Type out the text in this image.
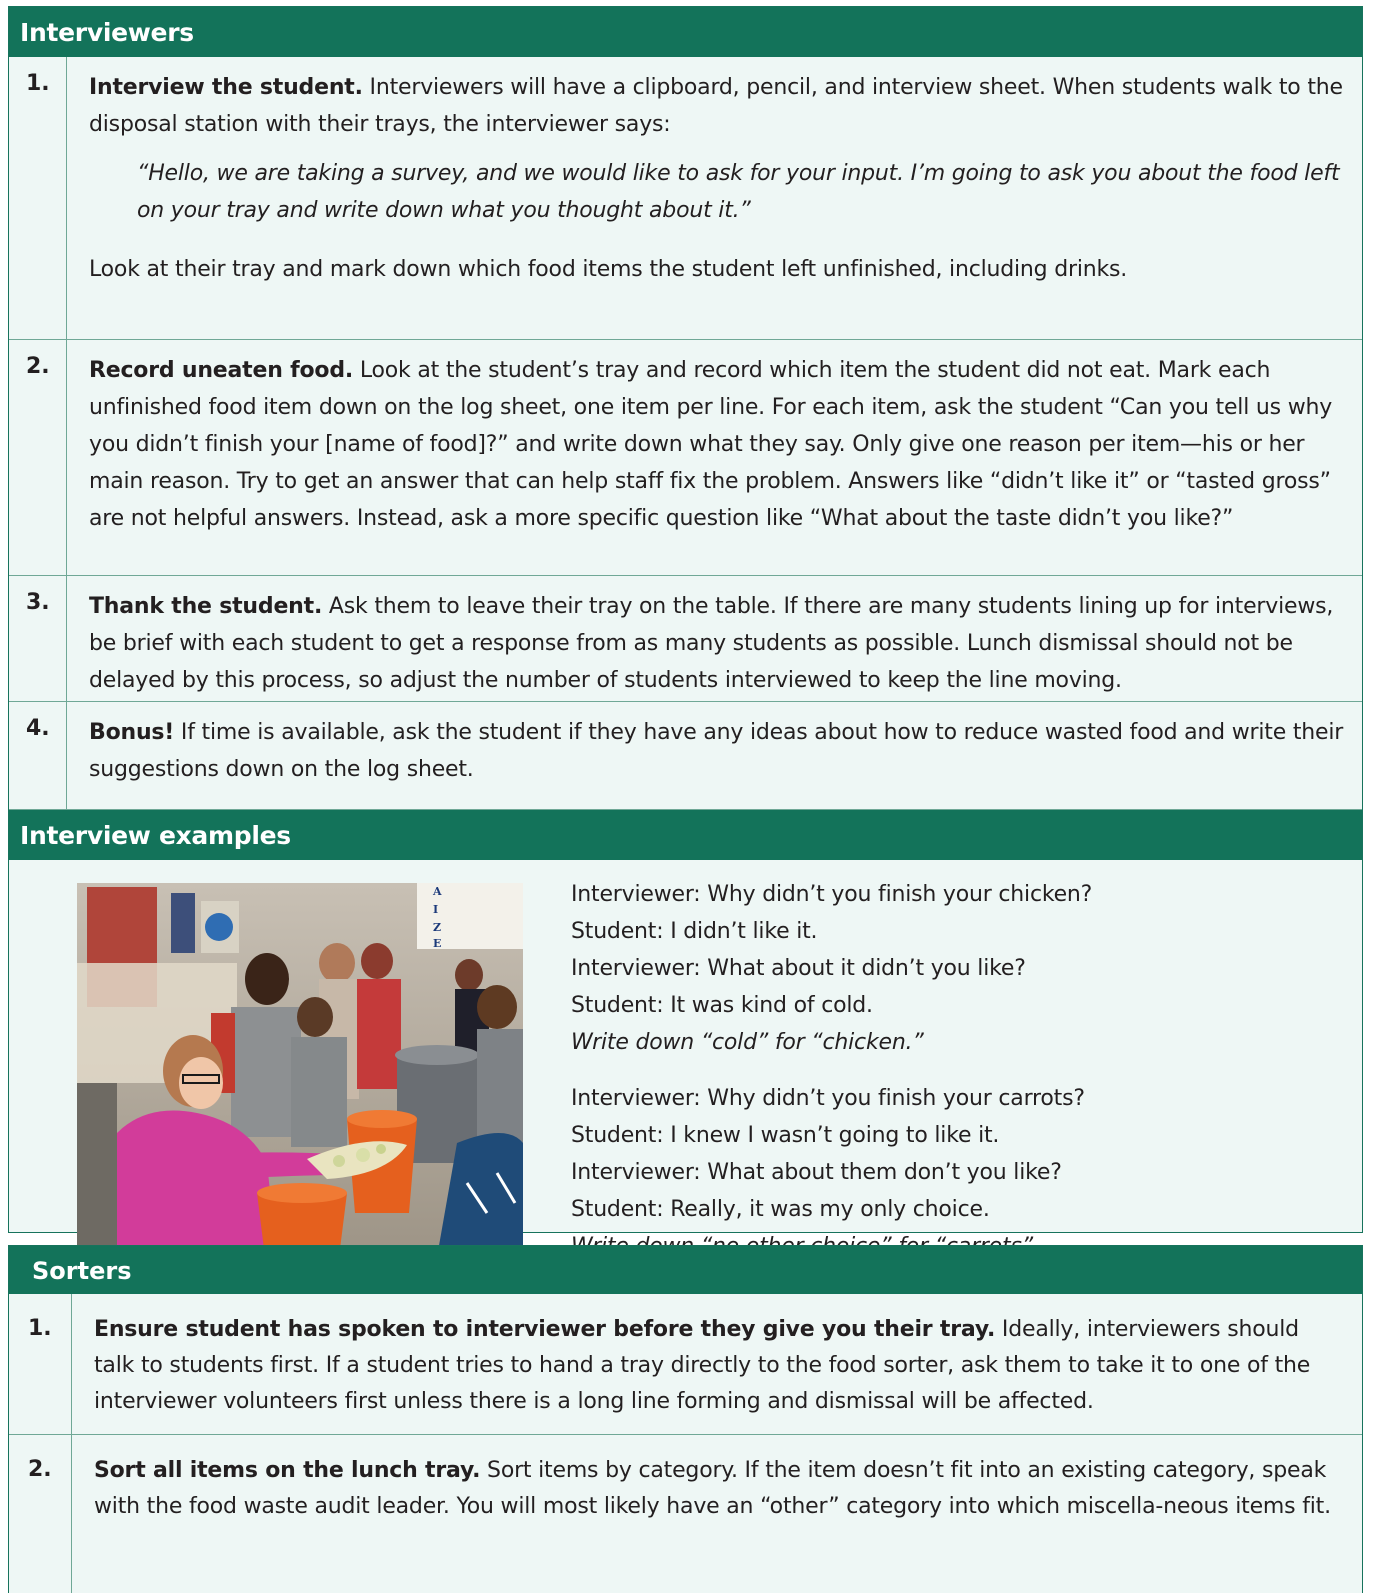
Interviewers
1.	Interview the student. Interviewers will have a clipboard, pencil, and interview sheet. When students walk to the disposal station with their trays, the interviewer says:
“Hello, we are taking a survey, and we would like to ask for your input. I’m going to ask you about the food left on your tray and write down what you thought about it.”
Look at their tray and mark down which food items the student left unfinished, including drinks.
2.	Record uneaten food. Look at the student’s tray and record which item the student did not eat. Mark each unfinished food item down on the log sheet, one item per line. For each item, ask the student “Can you tell us why you didn’t finish your [name of food]?” and write down what they say. Only give one reason per item—his or her main reason. Try to get an answer that can help staff fix the problem. Answers like “didn’t like it” or “tasted gross” are not helpful answers. Instead, ask a more specific question like “What about the taste didn’t you like?”
3.	Thank the student. Ask them to leave their tray on the table. If there are many students lining up for interviews, be brief with each student to get a response from as many students as possible. Lunch dismissal should not be delayed by this process, so adjust the number of students interviewed to keep the line moving.
4.	Bonus! If time is available, ask the student if they have any ideas about how to reduce wasted food and write their suggestions down on the log sheet.
Interview examples
A
I
Z
E
Interviewer: Why didn’t you finish your chicken?
Student: I didn’t like it.
Interviewer: What about it didn’t you like?
Student: It was kind of cold.
Write down “cold” for “chicken.”
Interviewer: Why didn’t you finish your carrots?
Student: I knew I wasn’t going to like it.
Interviewer: What about them don’t you like?
Student: Really, it was my only choice.
Sorters
1.	Ensure student has spoken to interviewer before they give you their tray. Ideally, interviewers should talk to students first. If a student tries to hand a tray directly to the food sorter, ask them to take it to one of the interviewer volunteers first unless there is a long line forming and dismissal will be affected.
2.	Sort all items on the lunch tray. Sort items by category. If the item doesn’t fit into an existing category, speak with the food waste audit leader. You will most likely have an “other” category into which miscella-neous items fit.
